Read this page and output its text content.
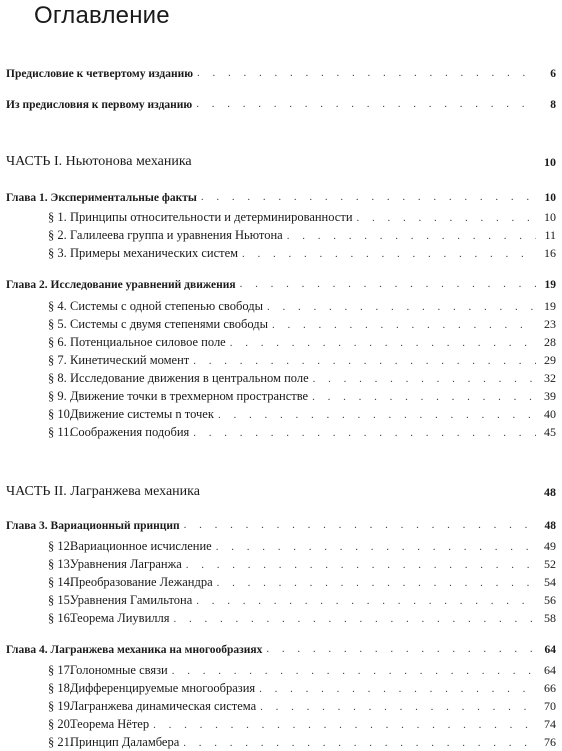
Оглавление
Предисловие к четвертому изданию . . .	6
Из предисловия к первому изданию . . .	8
ЧАСТЬ I. Ньютонова механика	10
Глава 1. Экспериментальные факты . . .	10
§ 1. Принципы относительности и детерминированности . . .	10
§ 2. Галилеева группа и уравнения Ньютона . . .	11
§ 3. Примеры механических систем . . .	16
Глава 2. Исследование уравнений движения . . .	19
§ 4. Системы с одной степенью свободы . . .	19
§ 5. Системы с двумя степенями свободы . . .	23
§ 6. Потенциальное силовое поле . . .	28
§ 7. Кинетический момент . . .	29
§ 8. Исследование движения в центральном поле . . .	32
§ 9. Движение точки в трехмерном пространстве . . .	39
§ 10.Движение системы n точек . . .	40
§ 11.Соображения подобия . . .	45
ЧАСТЬ II. Лагранжева механика	48
Глава 3. Вариационный принцип . . .	48
§ 12.Вариационное исчисление . . .	49
§ 13.Уравнения Лагранжа . . .	52
§ 14.Преобразование Лежандра . . .	54
§ 15.Уравнения Гамильтона . . .	56
§ 16.Теорема Лиувилля . . .	58
Глава 4. Лагранжева механика на многообразиях . . .	64
§ 17.Голономные связи . . .	64
§ 18.Дифференцируемые многообразия . . .	66
§ 19.Лагранжева динамическая система . . .	70
§ 20.Теорема Нётер . . .	74
§ 21.Принцип Даламбера . . .	76
